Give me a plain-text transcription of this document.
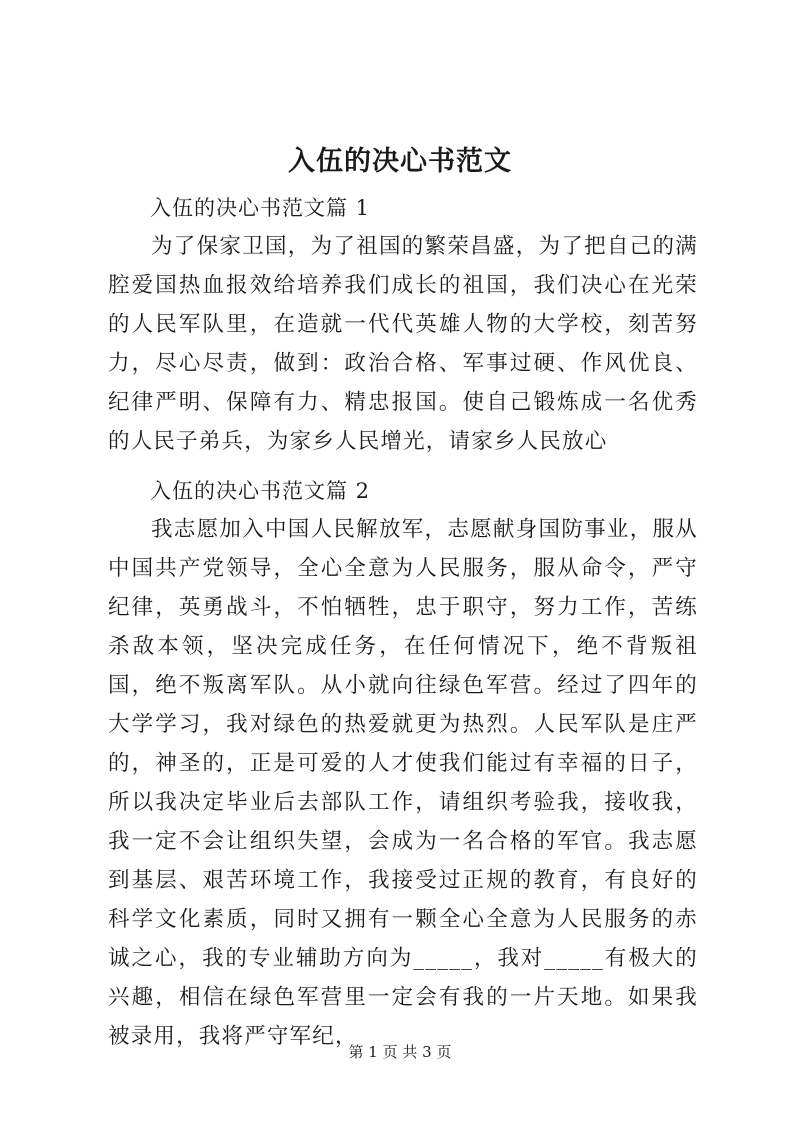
入伍的决心书范文
入伍的决心书范文篇 1

为了保家卫国，为了祖国的繁荣昌盛，为了把自己的满腔爱国热血报效给培养我们成长的祖国，我们决心在光荣的人民军队里，在造就一代代英雄人物的大学校，刻苦努力，尽心尽责，做到：政治合格、军事过硬、作风优良、纪律严明、保障有力、精忠报国。使自己锻炼成一名优秀的人民子弟兵，为家乡人民增光，请家乡人民放心

入伍的决心书范文篇 2

我志愿加入中国人民解放军，志愿献身国防事业，服从中国共产党领导，全心全意为人民服务，服从命令，严守纪律，英勇战斗，不怕牺牲，忠于职守，努力工作，苦练杀敌本领，坚决完成任务，在任何情况下，绝不背叛祖国，绝不叛离军队。从小就向往绿色军营。经过了四年的大学学习，我对绿色的热爱就更为热烈。人民军队是庄严的，神圣的，正是可爱的人才使我们能过有幸福的日子，所以我决定毕业后去部队工作，请组织考验我，接收我，我一定不会让组织失望，会成为一名合格的军官。我志愿到基层、艰苦环境工作，我接受过正规的教育，有良好的科学文化素质，同时又拥有一颗全心全意为人民服务的赤诚之心，我的专业辅助方向为_____，我对_____有极大的兴趣，相信在绿色军营里一定会有我的一片天地。如果我被录用，我将严守军纪，

第 1 页 共 3 页
